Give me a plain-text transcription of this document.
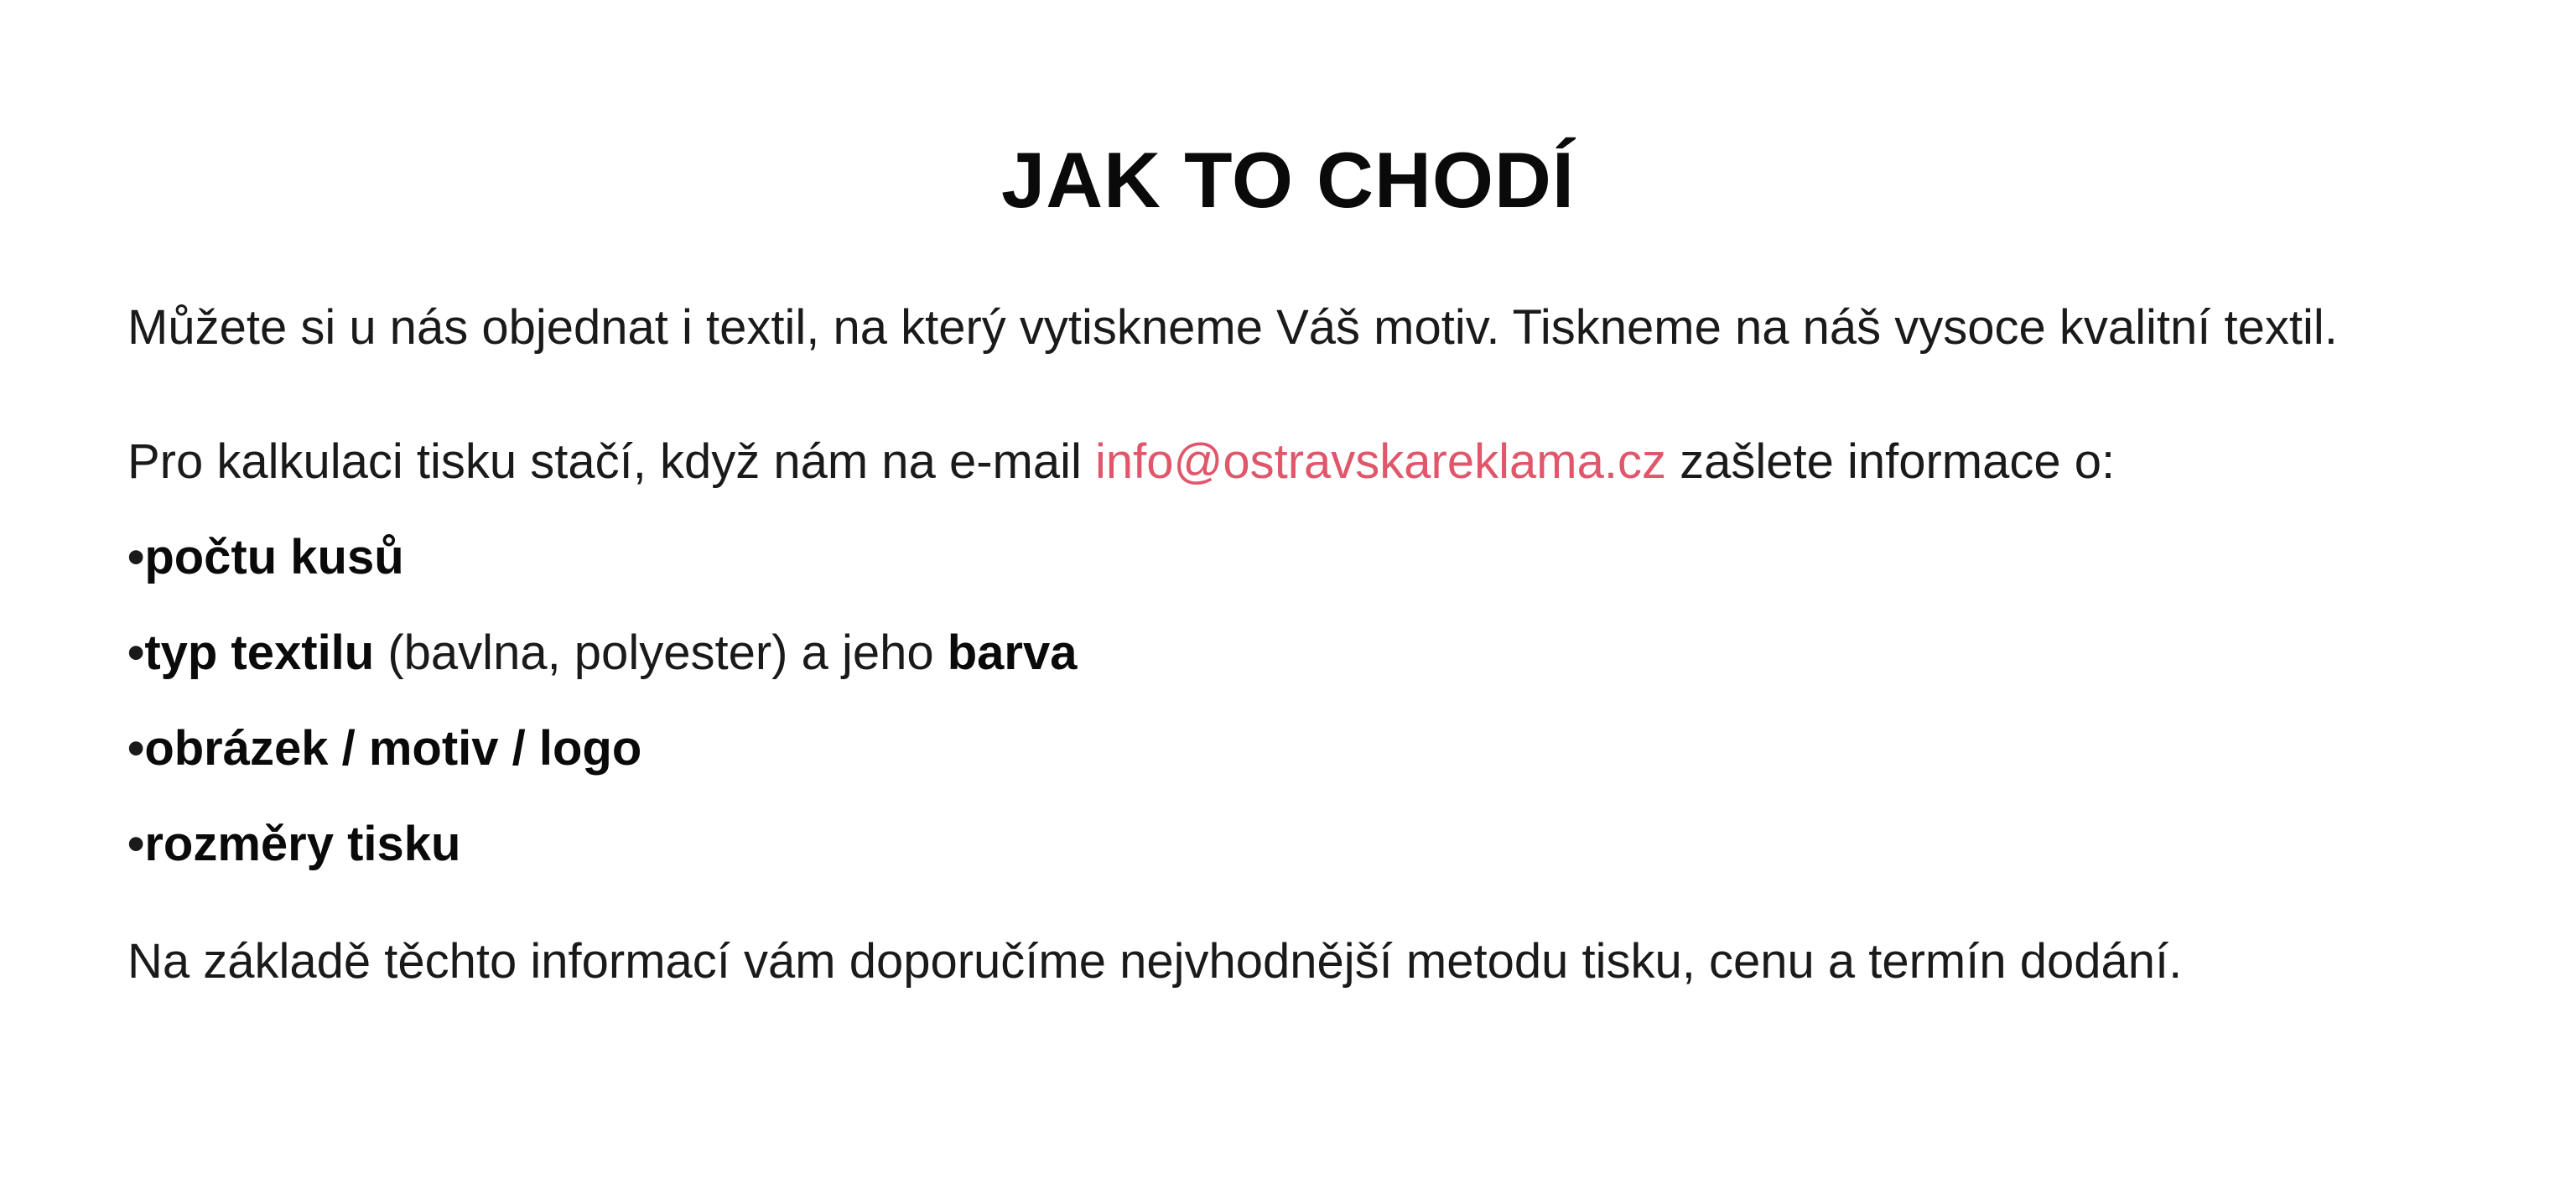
JAK TO CHODÍ

Můžete si u nás objednat i textil, na který vytiskneme Váš motiv. Tiskneme na náš vysoce kvalitní textil.

Pro kalkulaci tisku stačí, když nám na e-mail info@ostravskareklama.cz zašlete informace o:

•počtu kusů

•typ textilu (bavlna, polyester) a jeho barva

•obrázek / motiv / logo

•rozměry tisku

Na základě těchto informací vám doporučíme nejvhodnější metodu tisku, cenu a termín dodání.
